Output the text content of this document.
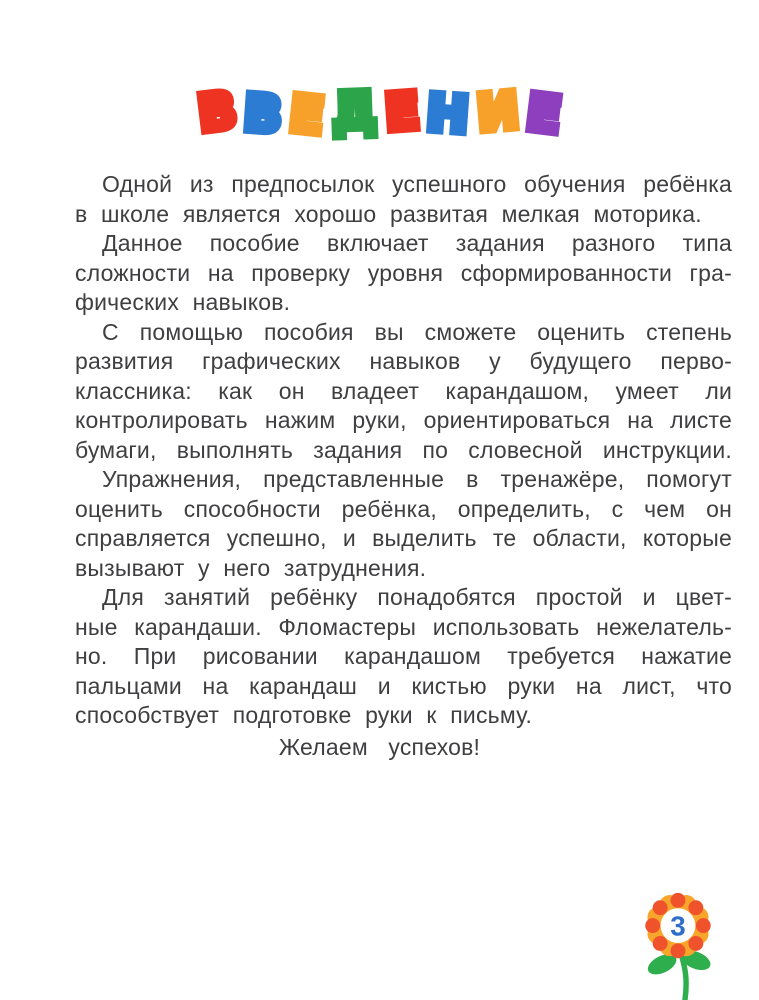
ВВЕД ЕНИЕ
Одной из предпосылок успешного обучения ребёнка
в школе является хорошо развитая мелкая моторика.
Данное пособие включает задания разного типа
сложности на проверку уровня сформированности гра-
фических навыков.
С помощью пособия вы сможете оценить степень
развития графических навыков у будущего перво-
классника: как он владеет карандашом, умеет ли
контролировать нажим руки, ориентироваться на листе
бумаги, выполнять задания по словесной инструкции.
Упражнения, представленные в тренажёре, помогут
оценить способности ребёнка, определить, с чем он
справляется успешно, и выделить те области, которые
вызывают у него затруднения.
Для занятий ребёнку понадобятся простой и цвет-
ные карандаши. Фломастеры использовать нежелатель-
но. При рисовании карандашом требуется нажатие
пальцами на карандаш и кистью руки на лист, что
способствует подготовке руки к письму.
Желаем успехов!
3
